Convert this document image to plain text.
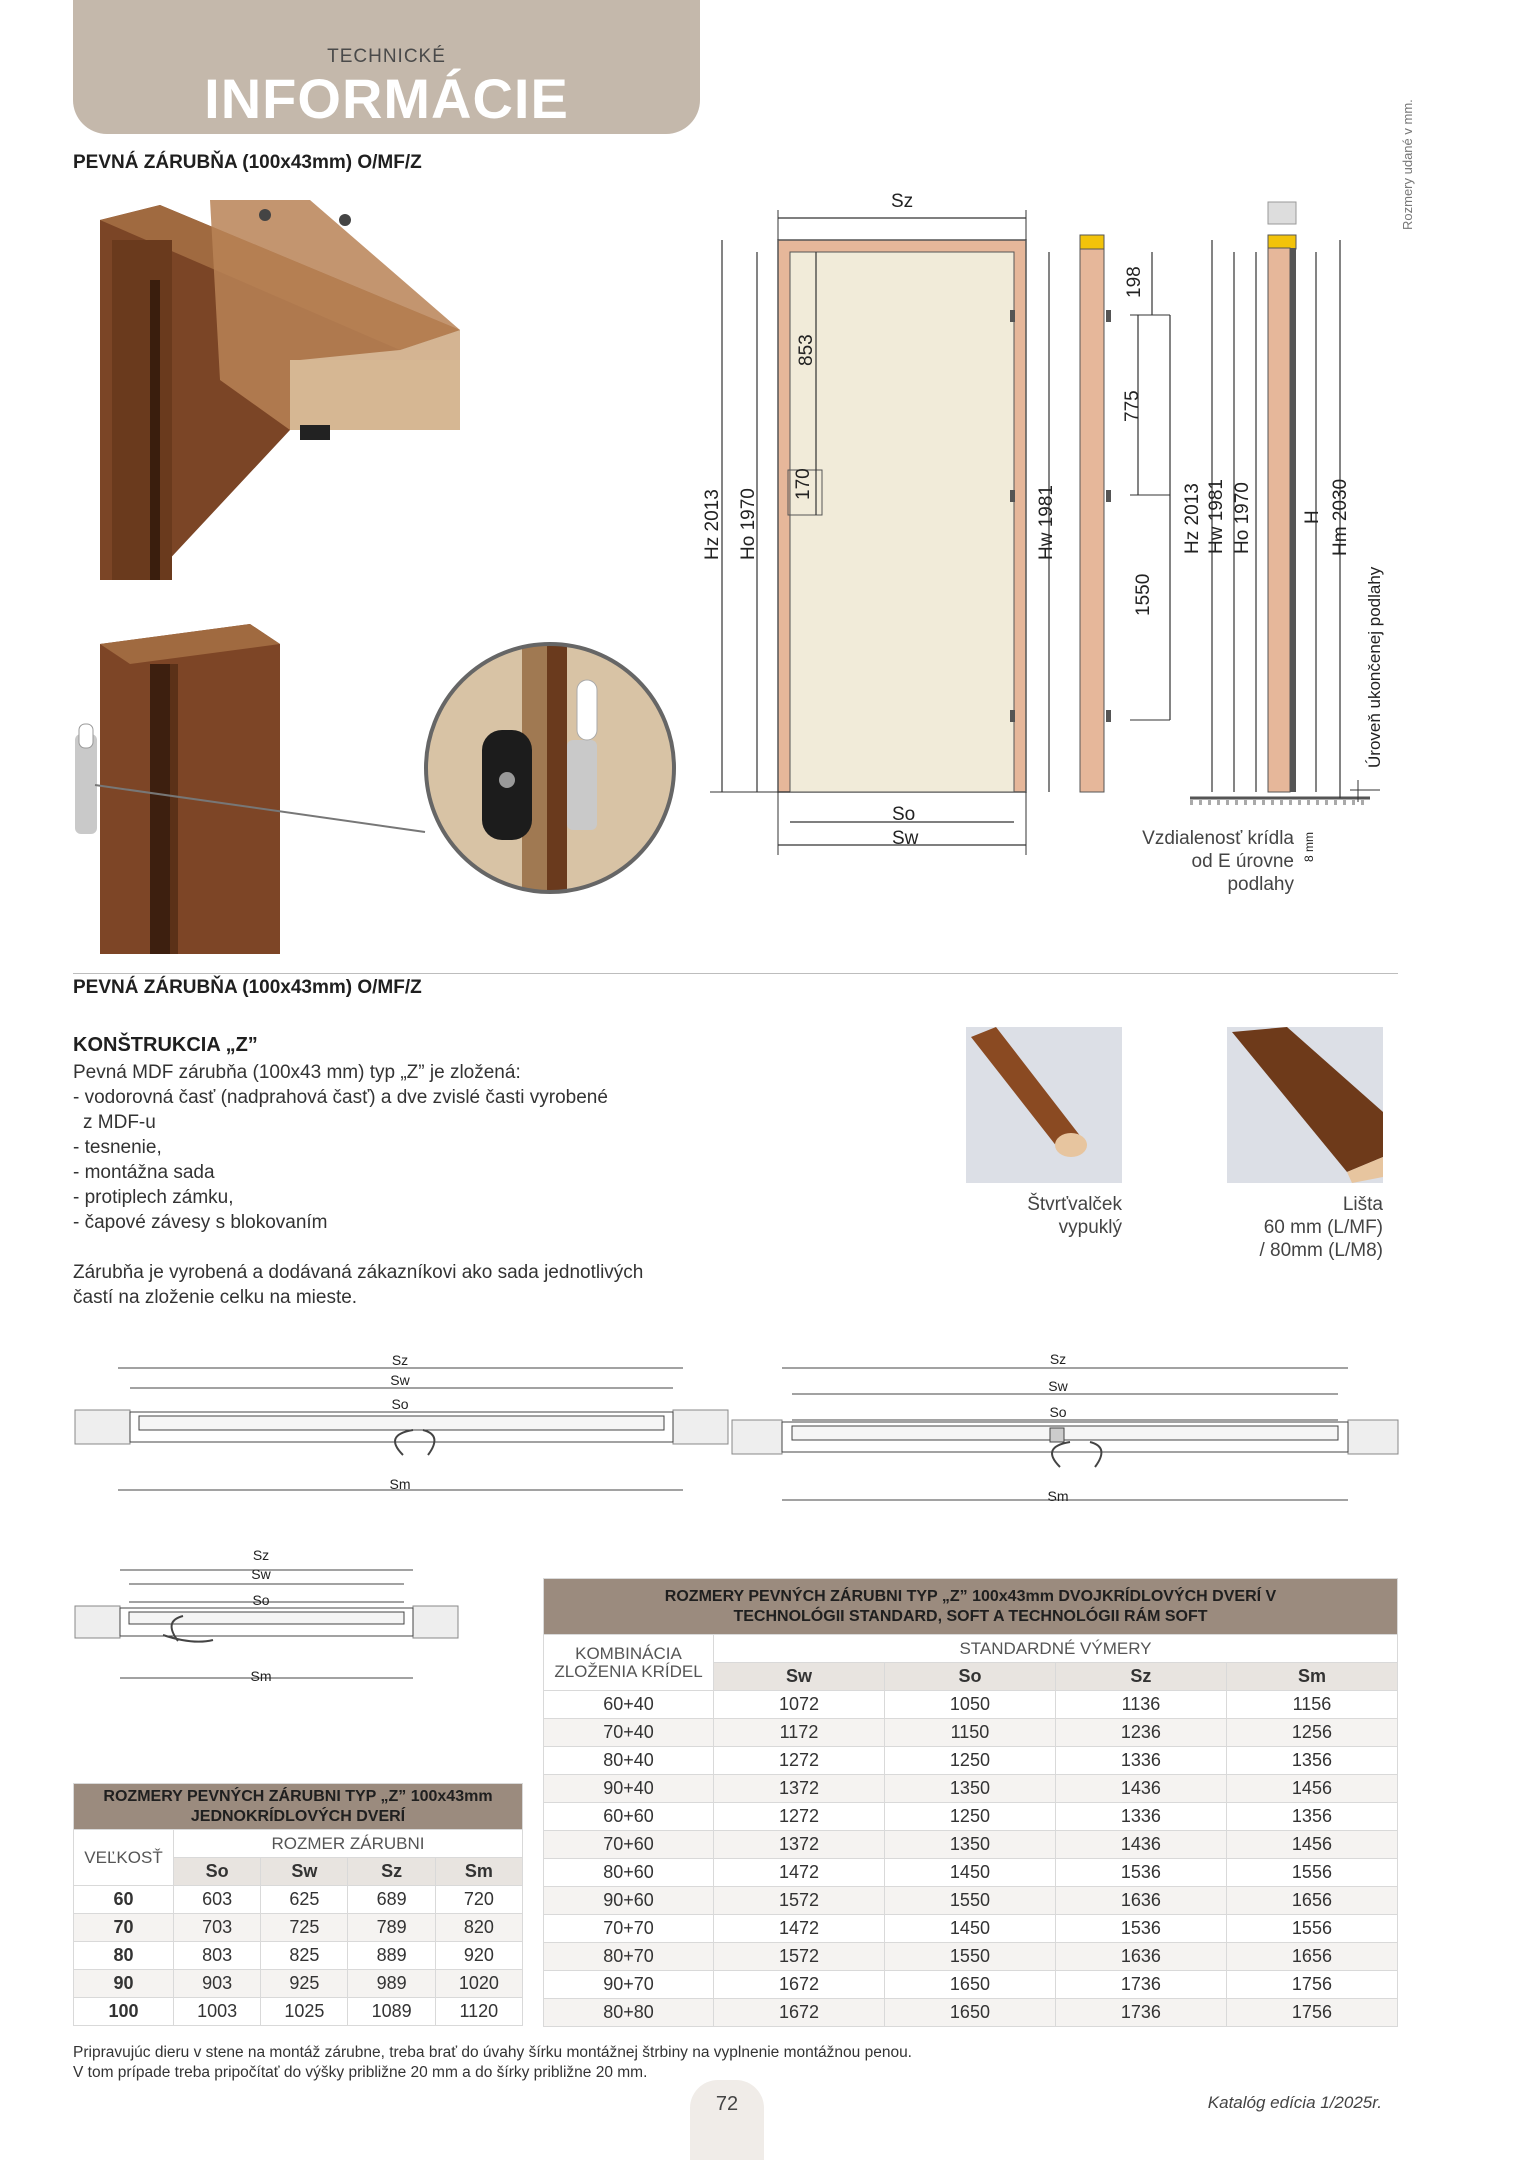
TECHNICKÉ
INFORMÁCIE
Rozmery udané v mm.
PEVNÁ ZÁRUBŇA (100x43mm) O/MF/Z
Sz
So
Sw
Hz 2013 Ho 1970
853
170
Hw 1981
198
775
1550
Hz 2013 Hw 1981 Ho 1970	H Hm 2030
Úroveň ukončenej podlahy
8 mm
Vzdialenosť krídla
od E úrovne
podlahy
PEVNÁ ZÁRUBŇA (100x43mm) O/MF/Z
KONŠTRUKCIA „Z”
Pevná MDF zárubňa (100x43 mm) typ „Z” je zložená:
- vodorovná časť (nadprahová časť) a dve zvislé časti vyrobené
z MDF-u
- tesnenie,
- montážna sada
- protiplech zámku,
- čapové závesy s blokovaním
Zárubňa je vyrobená a dodávaná zákazníkovi ako sada jednotlivých častí na zloženie celku na mieste.
Štvrťvalček
vypuklý
Lišta
60 mm (L/MF)
/ 80mm (L/M8)
Sz
Sw
So
Sm
Sz
Sw
So
Sm
Sz
Sw
So
Sm
ROZMERY PEVNÝCH ZÁRUBNI TYP „Z” 100x43mm JEDNOKRÍDLOVÝCH DVERÍ				
VEĽKOSŤ	ROZMER ZÁRUBNI			
	So	Sw	Sz	Sm
60	603	625	689	720
70	703	725	789	820
80	803	825	889	920
90	903	925	989	1020
100	1003	1025	1089	1120
ROZMERY PEVNÝCH ZÁRUBNI TYP „Z” 100x43mm DVOJKRÍDLOVÝCH DVERÍ V TECHNOLÓGII STANDARD, SOFT A TECHNOLÓGII RÁM SOFT				
KOMBINÁCIA ZLOŽENIA KRÍDEL	STANDARDNÉ VÝMERY			
	Sw	So	Sz	Sm
60+40	1072	1050	1136	1156
70+40	1172	1150	1236	1256
80+40	1272	1250	1336	1356
90+40	1372	1350	1436	1456
60+60	1272	1250	1336	1356
70+60	1372	1350	1436	1456
80+60	1472	1450	1536	1556
90+60	1572	1550	1636	1656
70+70	1472	1450	1536	1556
80+70	1572	1550	1636	1656
90+70	1672	1650	1736	1756
80+80	1672	1650	1736	1756
Pripravujúc dieru v stene na montáž zárubne, treba brať do úvahy šírku montážnej štrbiny na vyplnenie montážnou penou.
V tom prípade treba pripočítať do výšky približne 20 mm a do šírky približne 20 mm.
72	Katalóg edícia 1/2025r.
